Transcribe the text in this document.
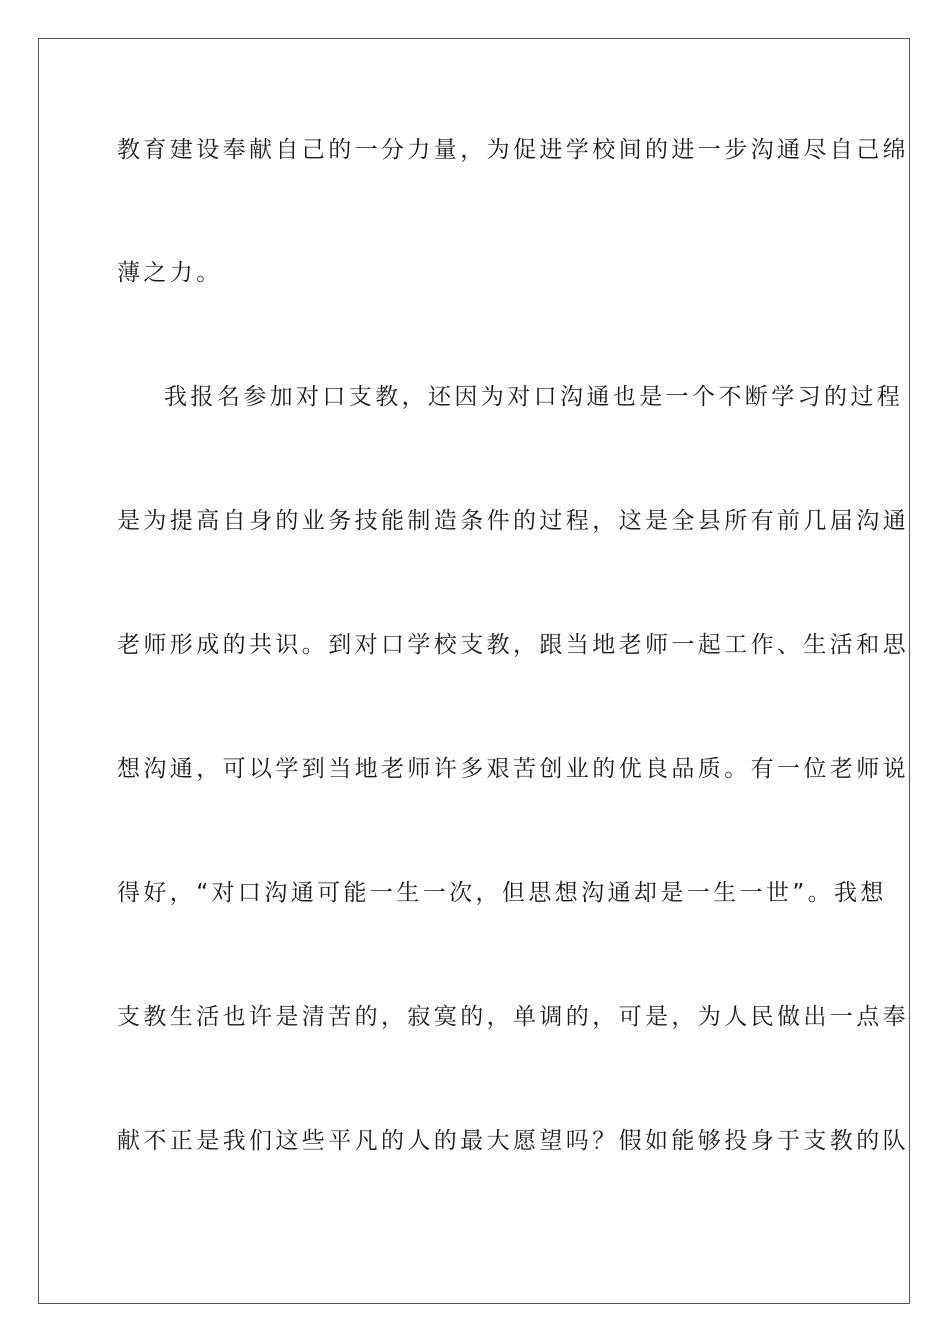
教育建设奉献自己的一分力量，为促进学校间的进一步沟通尽自己绵
薄之力。
我报名参加对口支教，还因为对口沟通也是一个不断学习的过程
是为提高自身的业务技能制造条件的过程，这是全县所有前几届沟通
老师形成的共识。到对口学校支教，跟当地老师一起工作、生活和思
想沟通，可以学到当地老师许多艰苦创业的优良品质。有一位老师说
得好，“对口沟通可能一生一次，但思想沟通却是一生一世”。我想
支教生活也许是清苦的，寂寞的，单调的，可是，为人民做出一点奉
献不正是我们这些平凡的人的最大愿望吗？假如能够投身于支教的队
